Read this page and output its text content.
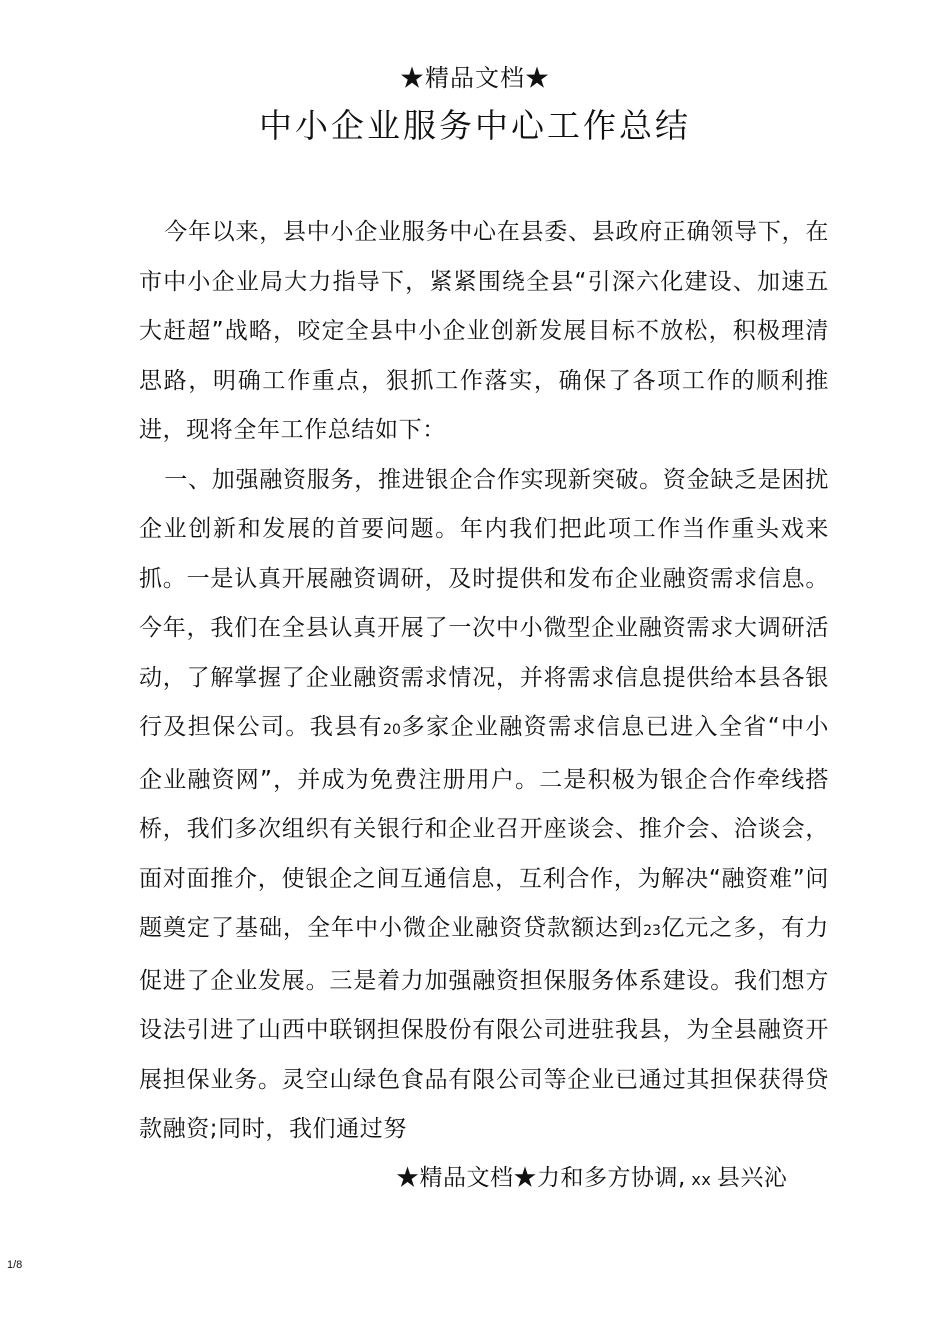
★精品文档★
中小企业服务中心工作总结

今年以来，县中小企业服务中心在县委、县政府正确领导下，在市中小企业局大力指导下，紧紧围绕全县“引深六化建设、加速五大赶超”战略，咬定全县中小企业创新发展目标不放松，积极理清思路，明确工作重点，狠抓工作落实，确保了各项工作的顺利推进，现将全年工作总结如下：

一、加强融资服务，推进银企合作实现新突破。资金缺乏是困扰企业创新和发展的首要问题。年内我们把此项工作当作重头戏来抓。一是认真开展融资调研，及时提供和发布企业融资需求信息。今年，我们在全县认真开展了一次中小微型企业融资需求大调研活动，了解掌握了企业融资需求情况，并将需求信息提供给本县各银行及担保公司。我县有20多家企业融资需求信息已进入全省“中小企业融资网”，并成为免费注册用户。二是积极为银企合作牵线搭桥，我们多次组织有关银行和企业召开座谈会、推介会、洽谈会，面对面推介，使银企之间互通信息，互利合作，为解决“融资难”问题奠定了基础，全年中小微企业融资贷款额达到23亿元之多，有力促进了企业发展。三是着力加强融资担保服务体系建设。我们想方设法引进了山西中联钢担保股份有限公司进驻我县，为全县融资开展担保业务。灵空山绿色食品有限公司等企业已通过其担保获得贷款融资;同时，我们通过努

★精品文档★力和多方协调, xx 县兴沁
1/8
